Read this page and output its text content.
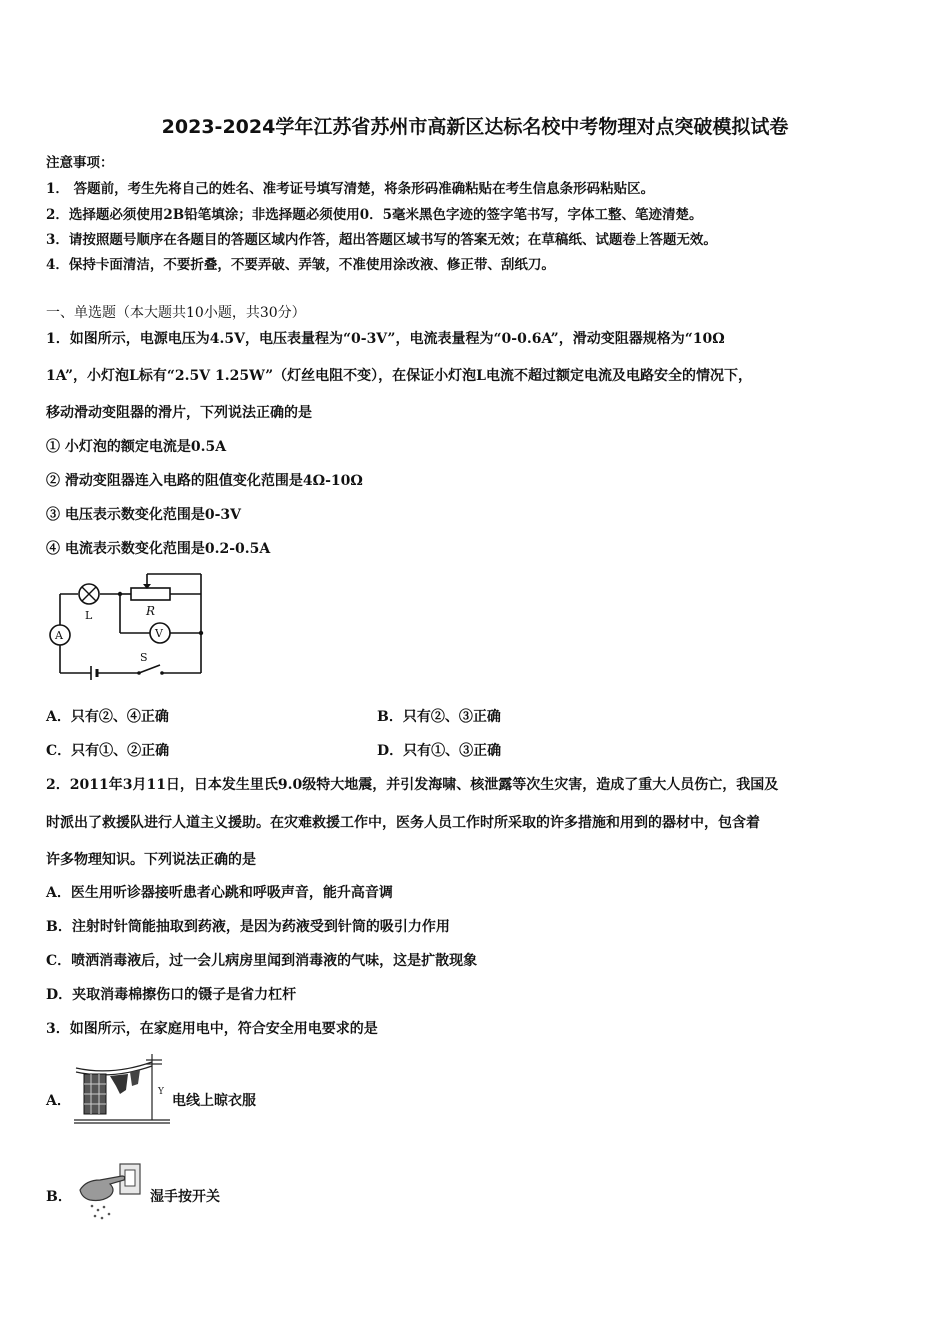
2023-2024学年江苏省苏州市高新区达标名校中考物理对点突破模拟试卷
注意事项：
1． 答题前，考生先将自己的姓名、准考证号填写清楚，将条形码准确粘贴在考生信息条形码粘贴区。
2．选择题必须使用2B铅笔填涂；非选择题必须使用0．5毫米黑色字迹的签字笔书写，字体工整、笔迹清楚。
3．请按照题号顺序在各题目的答题区域内作答，超出答题区域书写的答案无效；在草稿纸、试题卷上答题无效。
4．保持卡面清洁，不要折叠，不要弄破、弄皱，不准使用涂改液、修正带、刮纸刀。
一、单选题（本大题共10小题，共30分）
1．如图所示，电源电压为4.5V，电压表量程为“0-3V”，电流表量程为“0-0.6A”，滑动变阻器规格为“10Ω
1A”，小灯泡L标有“2.5V 1.25W”（灯丝电阻不变），在保证小灯泡L电流不超过额定电流及电路安全的情况下，
移动滑动变阻器的滑片，下列说法正确的是
① 小灯泡的额定电流是0.5A
② 滑动变阻器连入电路的阻值变化范围是4Ω-10Ω
③ 电压表示数变化范围是0-3V
④ 电流表示数变化范围是0.2-0.5A
R
L
A	V
S
A．只有②、④正确	B．只有②、③正确
C．只有①、②正确	D．只有①、③正确
2．2011年3月11日，日本发生里氏9.0级特大地震，并引发海啸、核泄露等次生灾害，造成了重大人员伤亡，我国及
时派出了救援队进行人道主义援助。在灾难救援工作中，医务人员工作时所采取的许多措施和用到的器材中，包含着
许多物理知识。下列说法正确的是
A．医生用听诊器接听患者心跳和呼吸声音，能升高音调
B．注射时针筒能抽取到药液，是因为药液受到针筒的吸引力作用
C．喷洒消毒液后，过一会儿病房里闻到消毒液的气味，这是扩散现象
D．夹取消毒棉擦伤口的镊子是省力杠杆
3．如图所示，在家庭用电中，符合安全用电要求的是
A．
Y
电线上晾衣服
B．	湿手按开关
